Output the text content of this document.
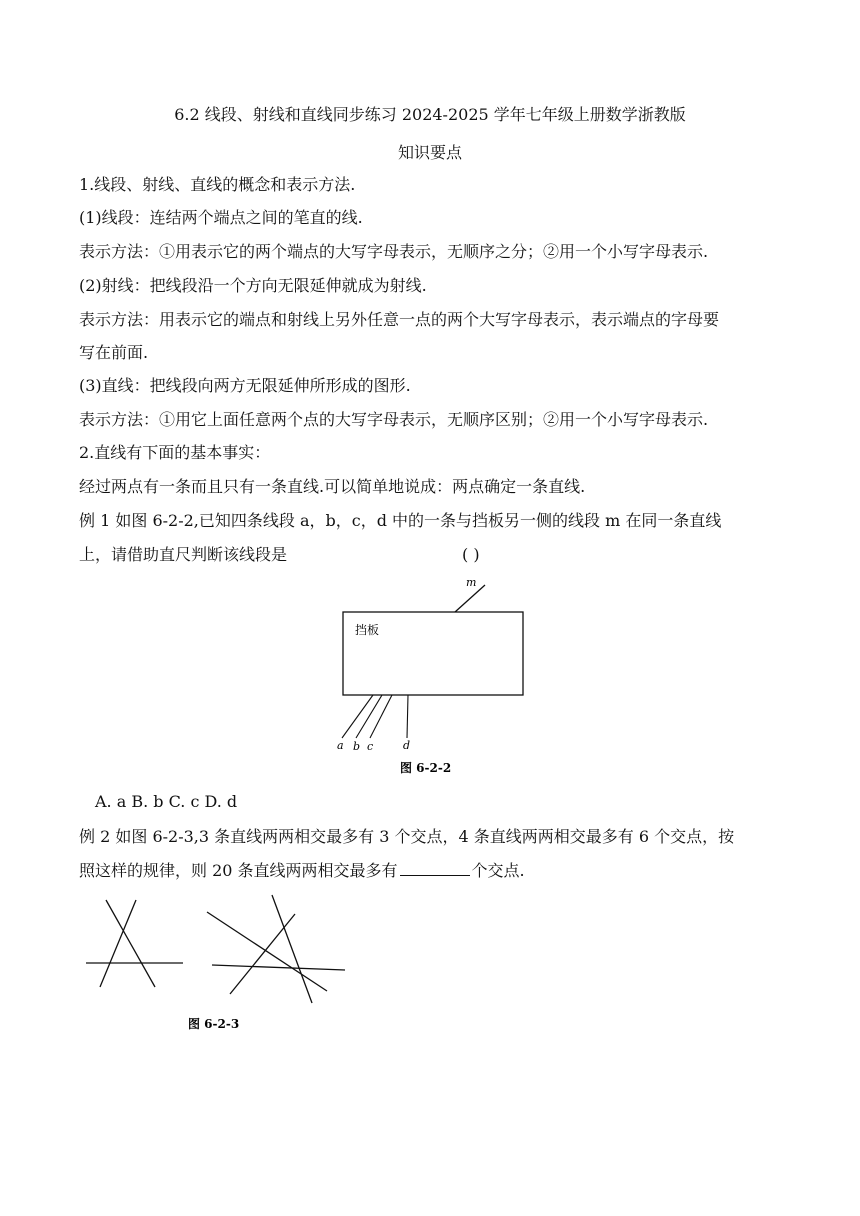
6.2 线段、射线和直线同步练习 2024-2025 学年七年级上册数学浙教版
知识要点
1.线段、射线、直线的概念和表示方法.
(1)线段：连结两个端点之间的笔直的线.
表示方法：①用表示它的两个端点的大写字母表示，无顺序之分；②用一个小写字母表示.
(2)射线：把线段沿一个方向无限延伸就成为射线.
表示方法：用表示它的端点和射线上另外任意一点的两个大写字母表示，表示端点的字母要
写在前面.
(3)直线：把线段向两方无限延伸所形成的图形.
表示方法：①用它上面任意两个点的大写字母表示，无顺序区别；②用一个小写字母表示.
2.直线有下面的基本事实：
经过两点有一条而且只有一条直线.可以简单地说成：两点确定一条直线.
例 1 如图 6-2-2,已知四条线段 a，b，c，d 中的一条与挡板另一侧的线段 m 在同一条直线
上，请借助直尺判断该线段是	( )
挡板
a b c	d
m
图 6-2-2
A. a B. b C. c D. d
例 2 如图 6-2-3,3 条直线两两相交最多有 3 个交点，4 条直线两两相交最多有 6 个交点，按
照这样的规律，则 20 条直线两两相交最多有	个交点.
图 6-2-3
